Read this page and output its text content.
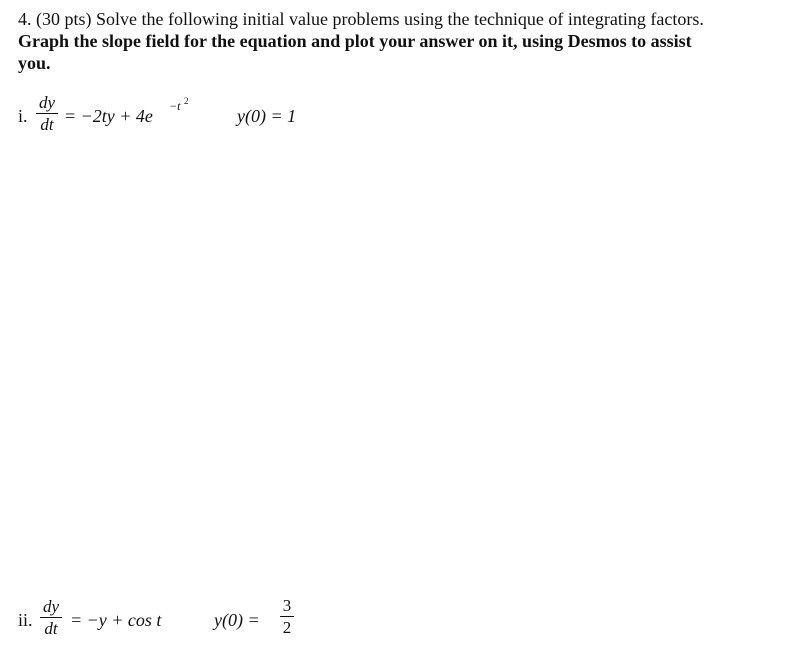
4. (30 pts) Solve the following initial value problems using the technique of integrating factors.
Graph the slope field for the equation and plot your answer on it, using Desmos to assist
you.
i.
dy
dt = −2ty + 4e −t 2
y(0) = 1
ii.
dy
dt = −y + cos t	y(0) =
3
2
